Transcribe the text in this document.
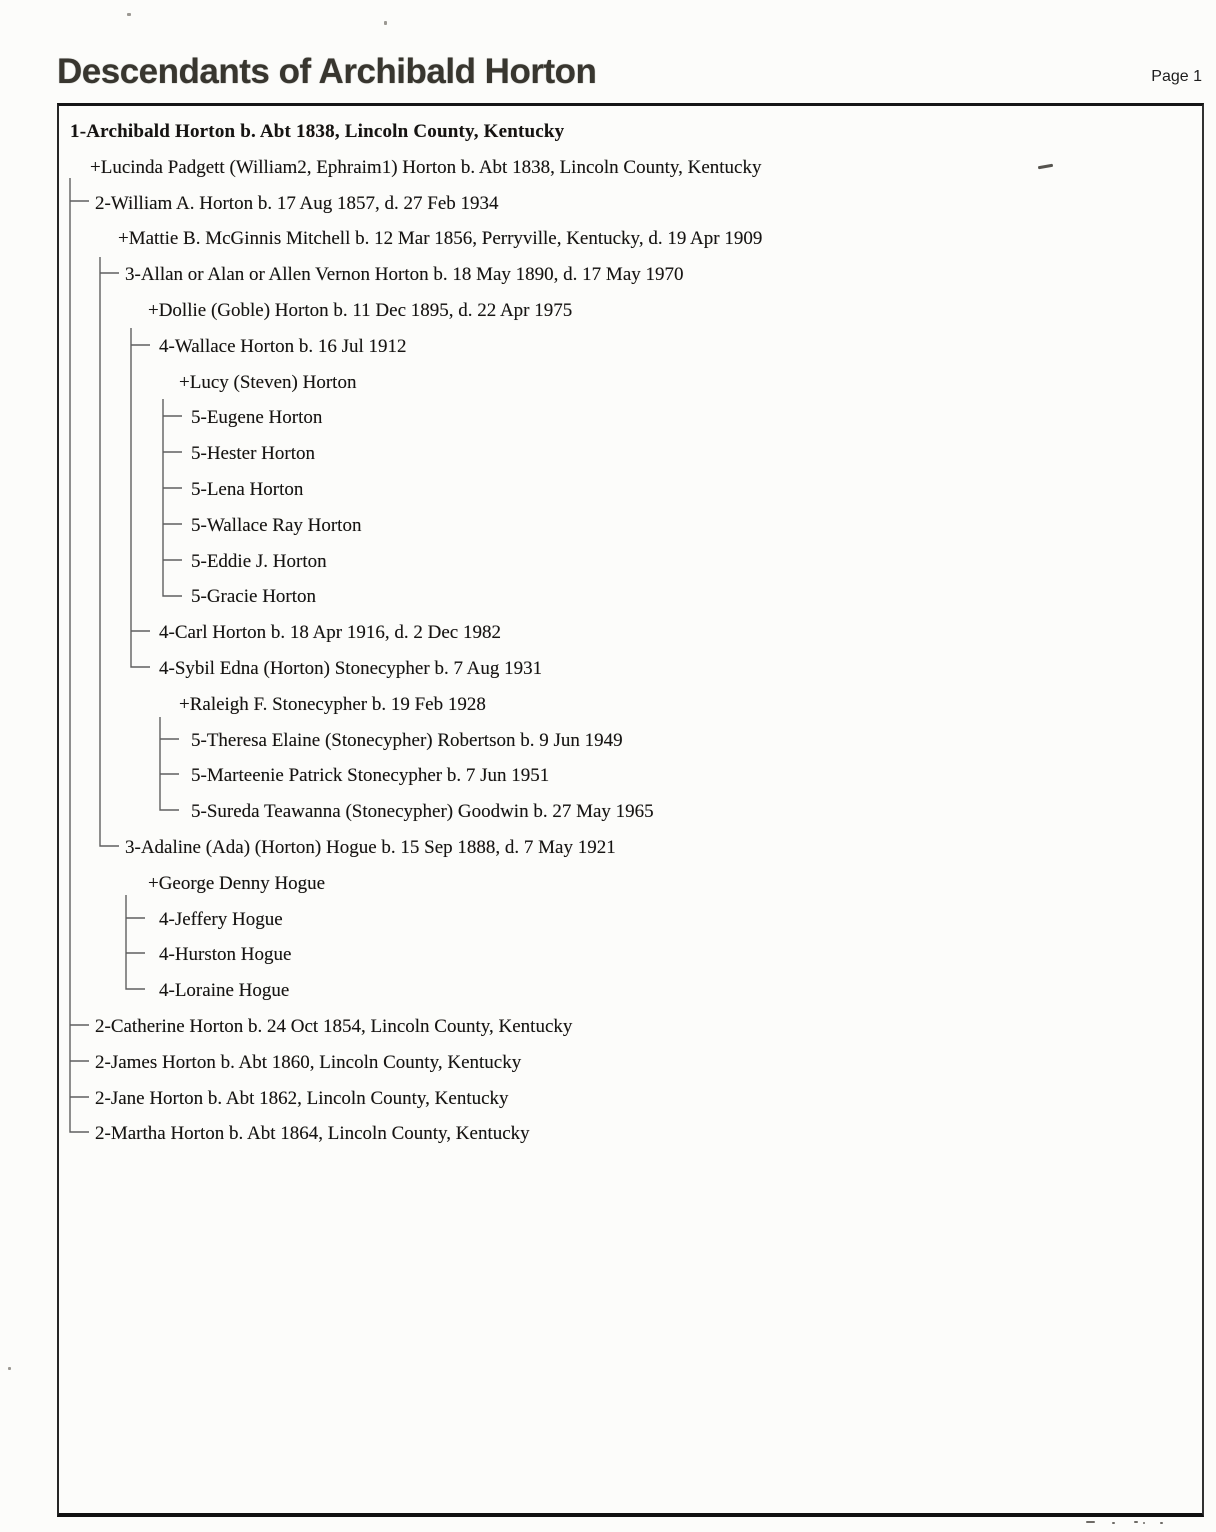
Descendants of Archibald Horton	Page 1
1-Archibald Horton b. Abt 1838, Lincoln County, Kentucky
+Lucinda Padgett (William2, Ephraim1) Horton b. Abt 1838, Lincoln County, Kentucky
2-William A. Horton b. 17 Aug 1857, d. 27 Feb 1934
+Mattie B. McGinnis Mitchell b. 12 Mar 1856, Perryville, Kentucky, d. 19 Apr 1909
3-Allan or Alan or Allen Vernon Horton b. 18 May 1890, d. 17 May 1970
+Dollie (Goble) Horton b. 11 Dec 1895, d. 22 Apr 1975
4-Wallace Horton b. 16 Jul 1912
+Lucy (Steven) Horton
5-Eugene Horton
5-Hester Horton
5-Lena Horton
5-Wallace Ray Horton
5-Eddie J. Horton
5-Gracie Horton
4-Carl Horton b. 18 Apr 1916, d. 2 Dec 1982
4-Sybil Edna (Horton) Stonecypher b. 7 Aug 1931
+Raleigh F. Stonecypher b. 19 Feb 1928
5-Theresa Elaine (Stonecypher) Robertson b. 9 Jun 1949
5-Marteenie Patrick Stonecypher b. 7 Jun 1951
5-Sureda Teawanna (Stonecypher) Goodwin b. 27 May 1965
3-Adaline (Ada) (Horton) Hogue b. 15 Sep 1888, d. 7 May 1921
+George Denny Hogue
4-Jeffery Hogue
4-Hurston Hogue
4-Loraine Hogue
2-Catherine Horton b. 24 Oct 1854, Lincoln County, Kentucky
2-James Horton b. Abt 1860, Lincoln County, Kentucky
2-Jane Horton b. Abt 1862, Lincoln County, Kentucky
2-Martha Horton b. Abt 1864, Lincoln County, Kentucky
